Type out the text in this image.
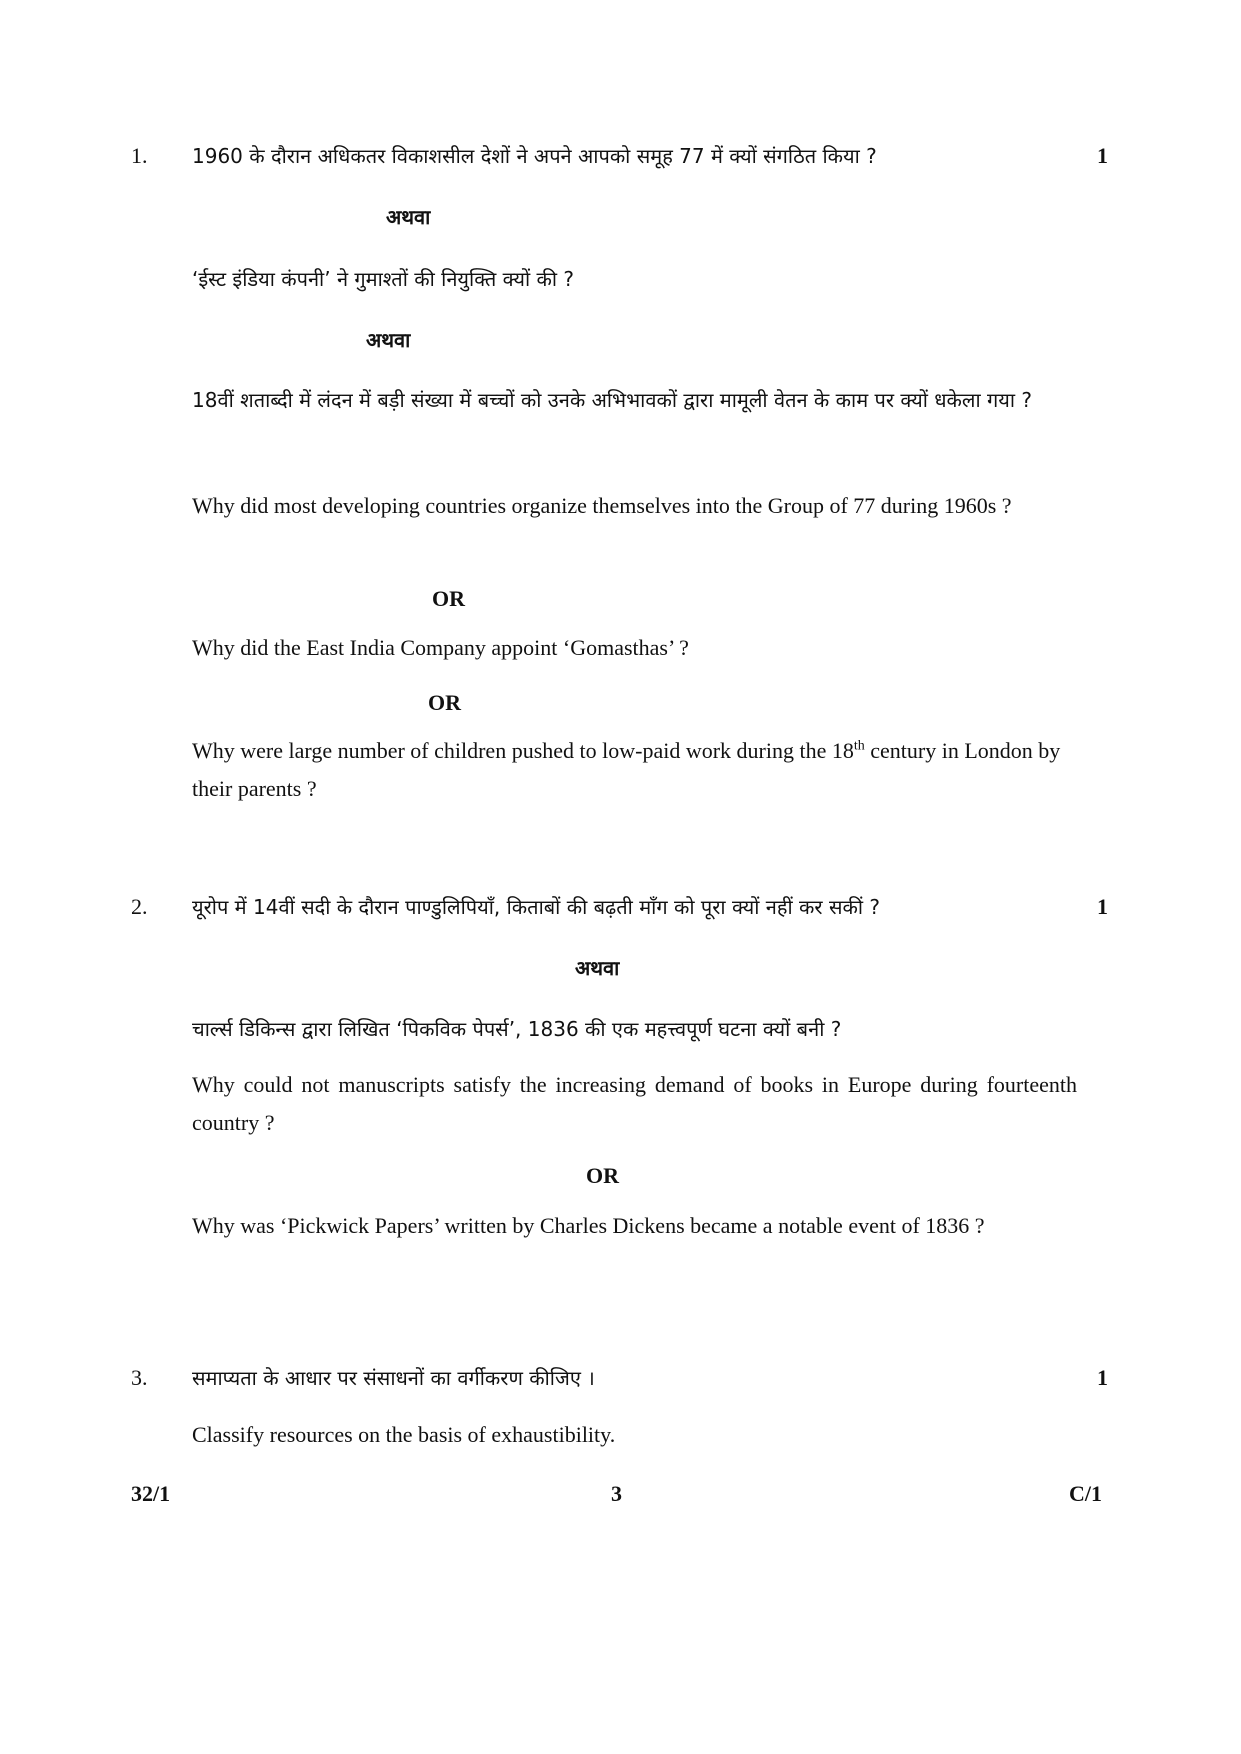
1. 1960 के दौरान अधिकतर विकाशसील देशों ने अपने आपको समूह 77 में क्यों संगठित किया ?	1
अथवा
‘ईस्ट इंडिया कंपनी’ ने गुमाश्तों की नियुक्ति क्यों की ?
अथवा
18वीं शताब्दी में लंदन में बड़ी संख्या में बच्चों को उनके अभिभावकों द्वारा मामूली वेतन के काम पर क्यों धकेला गया ?
Why did most developing countries organize themselves into the Group of 77 during 1960s ?
OR
Why did the East India Company appoint ‘Gomasthas’ ?
OR
Why were large number of children pushed to low-paid work during the 18th century in London by their parents ?
2. यूरोप में 14वीं सदी के दौरान पाण्डुलिपियाँ, किताबों की बढ़ती माँग को पूरा क्यों नहीं कर सकीं ?	1
अथवा
चार्ल्स डिकिन्स द्वारा लिखित ‘पिकविक पेपर्स’, 1836 की एक महत्त्वपूर्ण घटना क्यों बनी ?
Why could not manuscripts satisfy the increasing demand of books in Europe during fourteenth country ?
OR
Why was ‘Pickwick Papers’ written by Charles Dickens became a notable event of 1836 ?
3. समाप्यता के आधार पर संसाधनों का वर्गीकरण कीजिए ।	1
Classify resources on the basis of exhaustibility.
32/1	3	C/1
